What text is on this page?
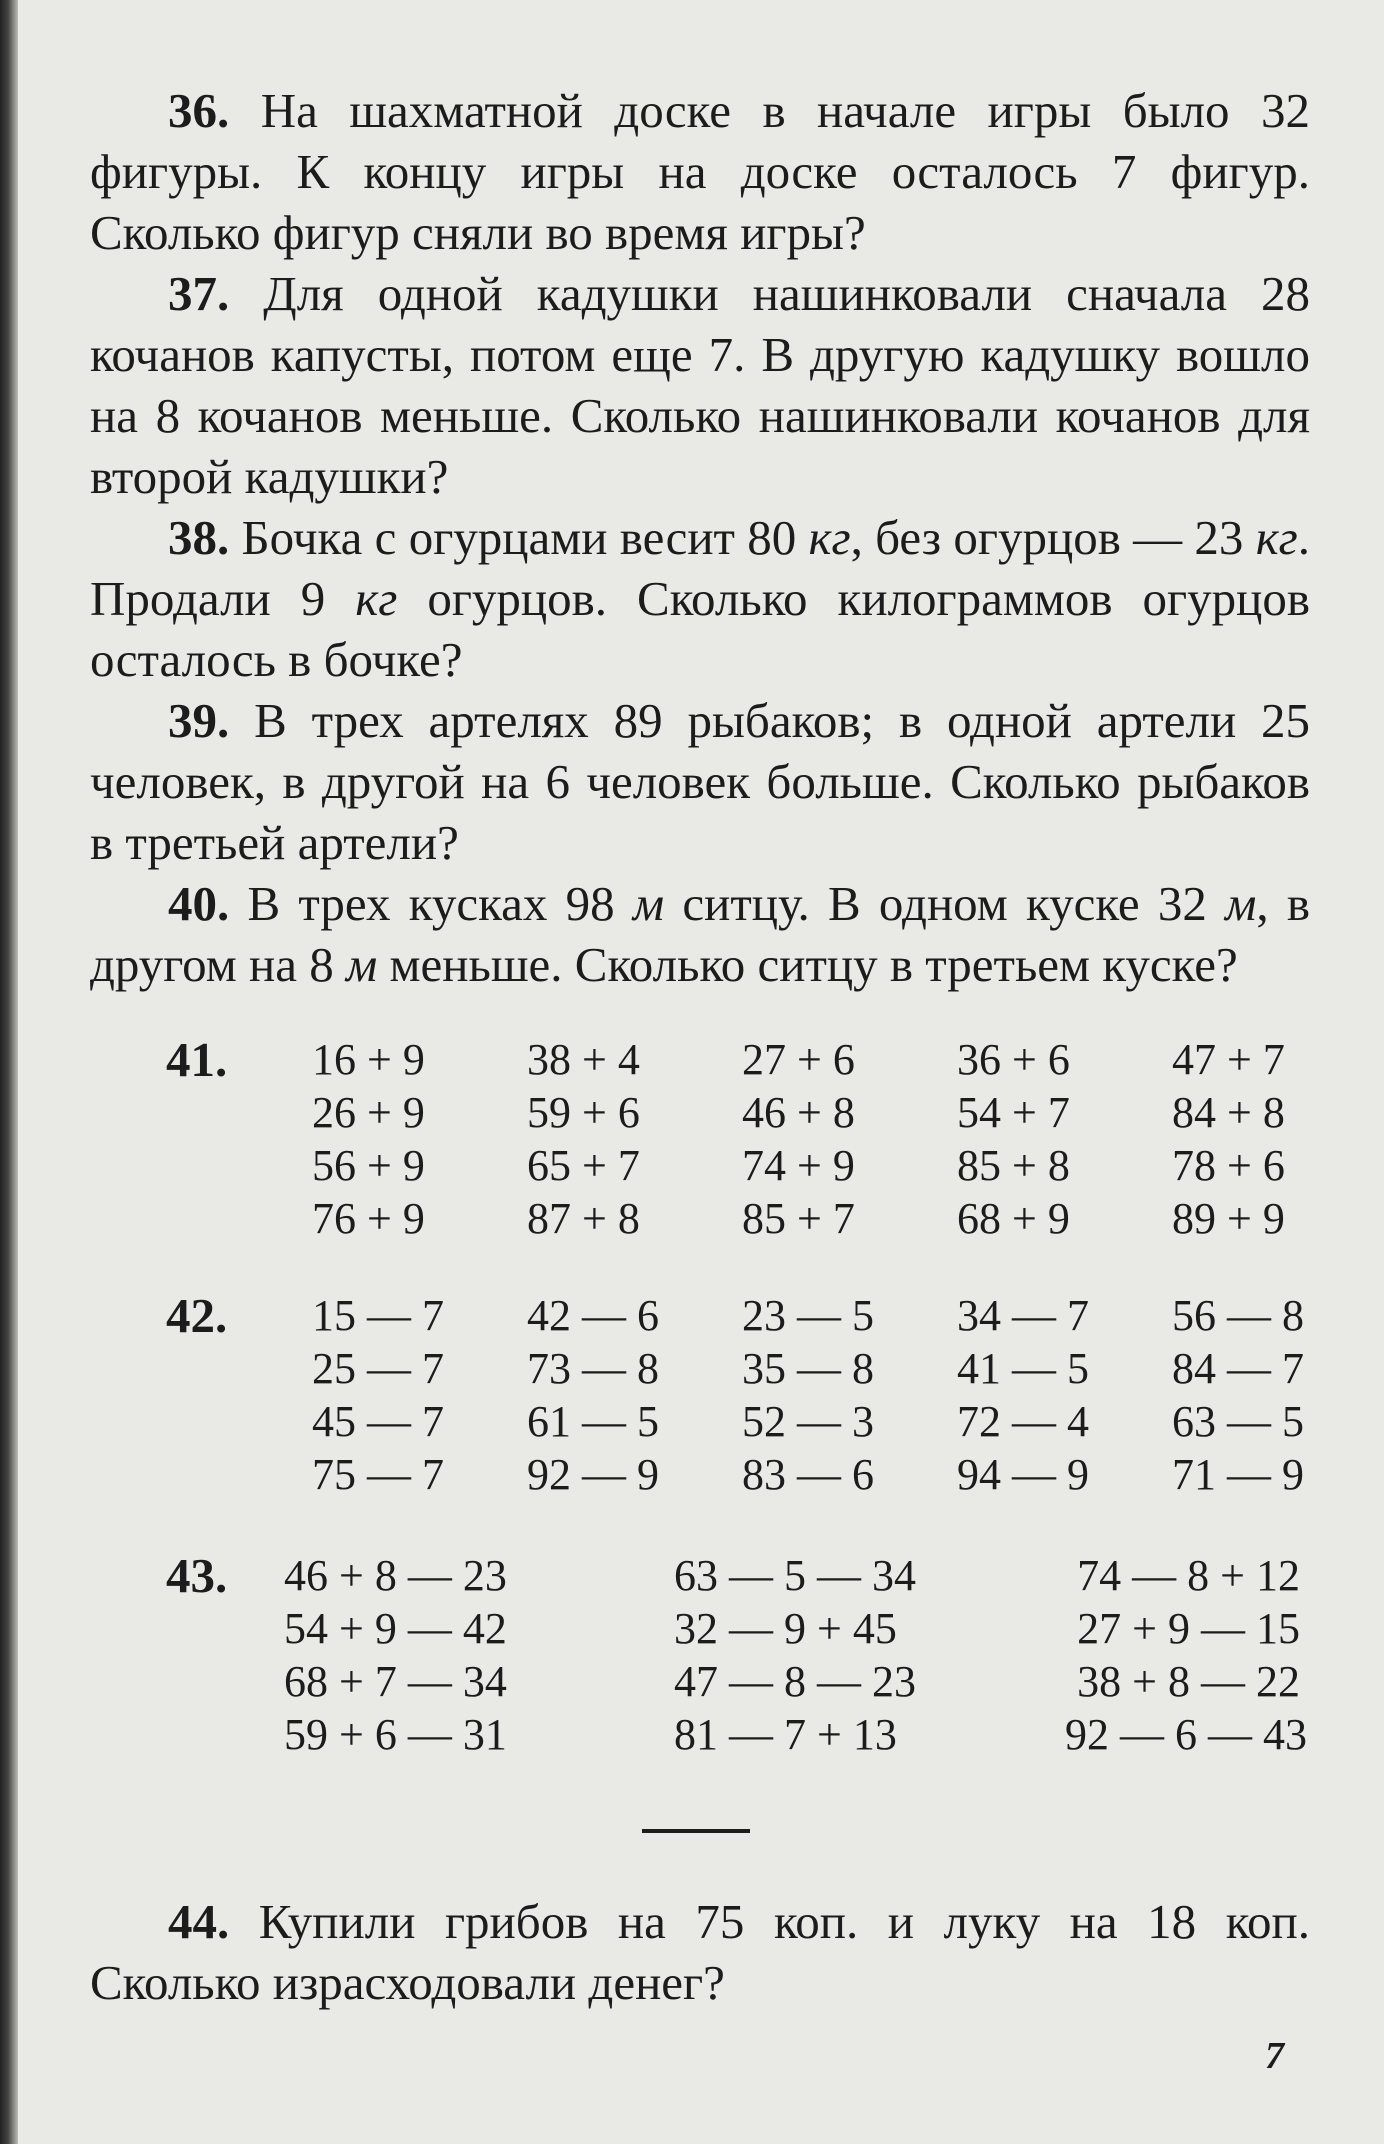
36. На шахматной доске в начале игры было 32 фигуры. К концу игры на доске осталось 7 фигур. Сколько фигур сняли во время игры?

37. Для одной кадушки нашинковали сначала 28 кочанов капусты, потом еще 7. В другую кадушку вошло на 8 кочанов меньше. Сколько нашинковали кочанов для второй кадушки?

38. Бочка с огурцами весит 80 кг, без огурцов — 23 кг. Продали 9 кг огурцов. Сколько килограммов огурцов осталось в бочке?

39. В трех артелях 89 рыбаков; в одной артели 25 человек, в другой на 6 человек больше. Сколько рыбаков в третьей артели?

40. В трех кусках 98 м ситцу. В одном куске 32 м, в другом на 8 м меньше. Сколько ситцу в третьем куске?

41. 16 + 9
26 + 9
56 + 9
76 + 9
38 + 4
59 + 6
65 + 7
87 + 8
27 + 6
46 + 8
74 + 9
85 + 7
36 + 6
54 + 7
85 + 8
68 + 9
47 + 7
84 + 8
78 + 6
89 + 9
42. 15 — 7
25 — 7
45 — 7
75 — 7
42 — 6
73 — 8
61 — 5
92 — 9
23 — 5
35 — 8
52 — 3
83 — 6
34 — 7
41 — 5
72 — 4
94 — 9
56 — 8
84 — 7
63 — 5
71 — 9
43. 46 + 8 — 23
54 + 9 — 42
68 + 7 — 34
59 + 6 — 31
63 — 5 — 34
32 — 9 + 45
47 — 8 — 23
81 — 7 + 13
74 — 8 + 12
27 + 9 — 15
38 + 8 — 22
92 — 6 — 43

44. Купили грибов на 75 коп. и луку на 18 коп. Сколько израсходовали денег?

7
